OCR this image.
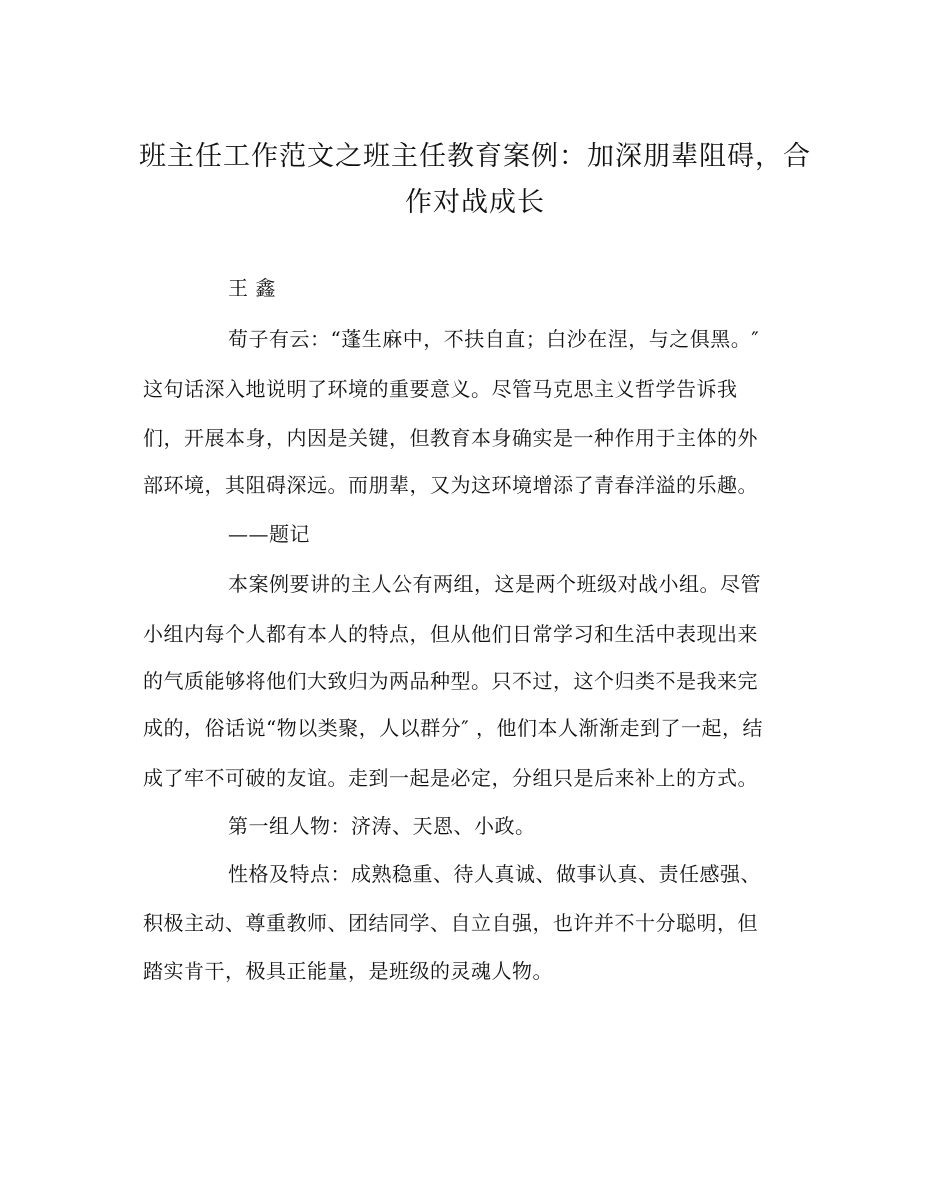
班主任工作范文之班主任教育案例：加深朋辈阻碍，合
作对战成长
王 鑫
荀子有云：“蓬生麻中，不扶自直；白沙在涅，与之俱黑。″
这句话深入地说明了环境的重要意义。尽管马克思主义哲学告诉我
们，开展本身，内因是关键，但教育本身确实是一种作用于主体的外
部环境，其阻碍深远。而朋辈，又为这环境增添了青春洋溢的乐趣。
——题记
本案例要讲的主人公有两组，这是两个班级对战小组。尽管
小组内每个人都有本人的特点，但从他们日常学习和生活中表现出来
的气质能够将他们大致归为两品种型。只不过，这个归类不是我来完
成的，俗话说“物以类聚，人以群分″ ，他们本人渐渐走到了一起，结
成了牢不可破的友谊。走到一起是必定，分组只是后来补上的方式。
第一组人物：济涛、天恩、小政。
性格及特点：成熟稳重、待人真诚、做事认真、责任感强、
积极主动、尊重教师、团结同学、自立自强，也许并不十分聪明，但
踏实肯干，极具正能量，是班级的灵魂人物。
